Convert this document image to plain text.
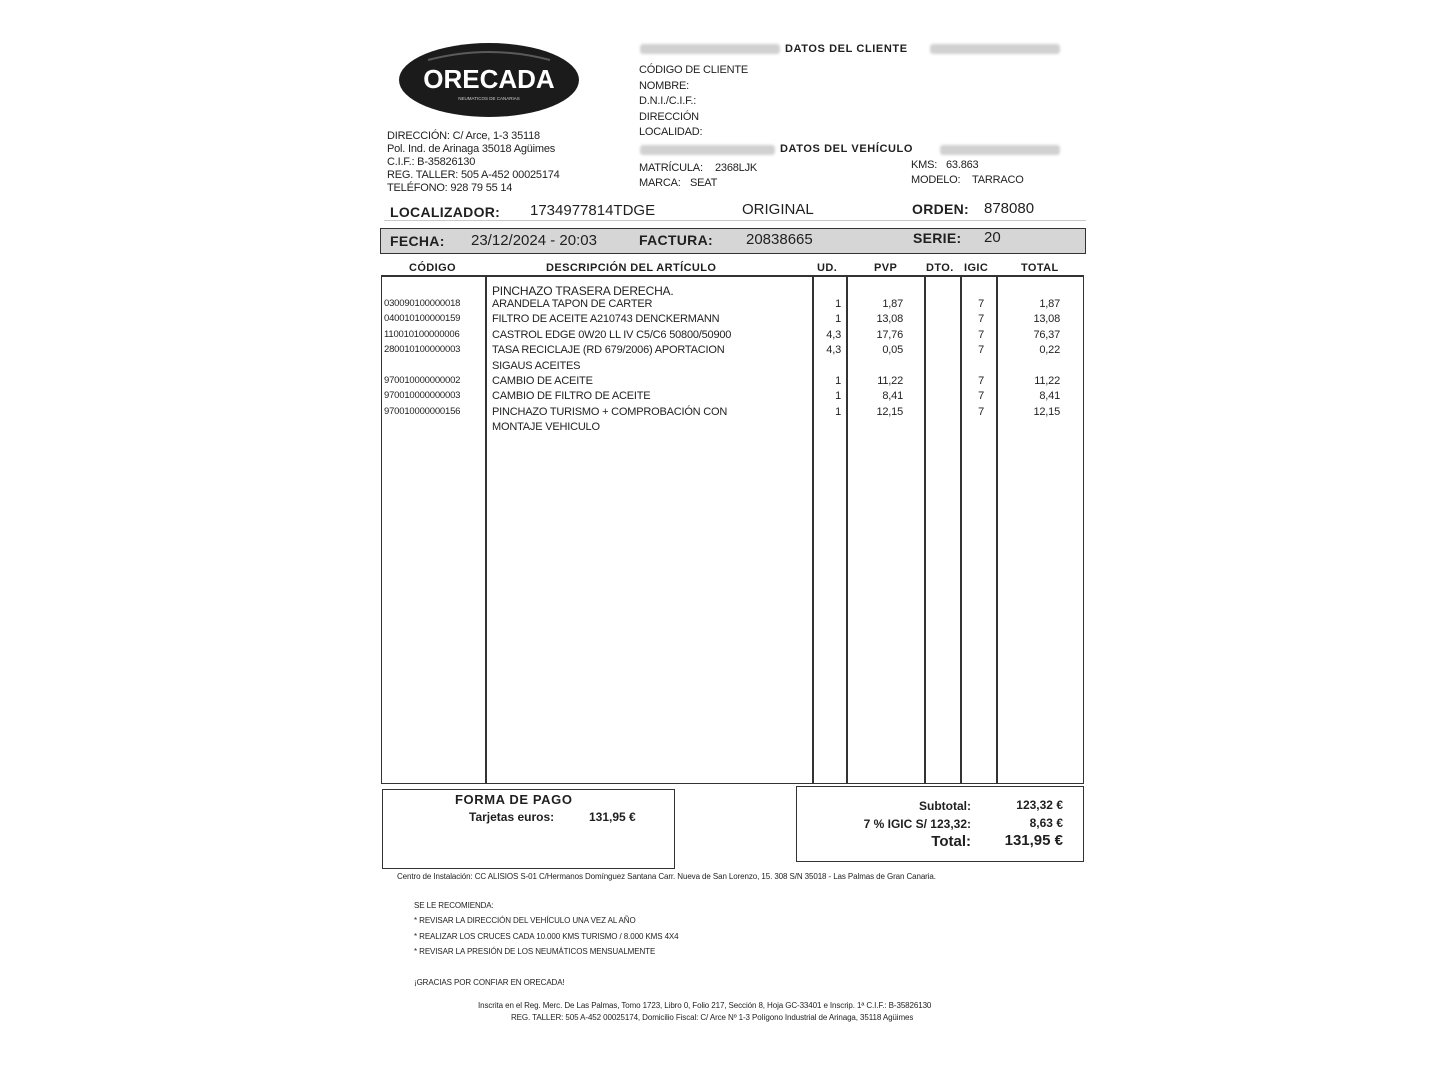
ORECADA
NEUMATICOS DE CANARIAS
DIRECCIÓN: C/ Arce, 1-3 35118
Pol. Ind. de Arinaga 35018 Agüimes
C.I.F.: B-35826130
REG. TALLER: 505 A-452 00025174
TELÉFONO: 928 79 55 14
DATOS DEL CLIENTE
CÓDIGO DE CLIENTE
NOMBRE:
D.N.I./C.I.F.:
DIRECCIÓN
LOCALIDAD:
DATOS DEL VEHÍCULO
MATRÍCULA: 2368LJK
MARCA: SEAT
KMS: 63.863
MODELO: TARRACO
LOCALIZADOR: 1734977814TDGE	ORIGINAL	ORDEN: 878080
FECHA: 23/12/2024 - 20:03	FACTURA: 20838665	SERIE: 20
CÓDIGO	DESCRIPCIÓN DEL ARTÍCULO	UD.	PVP	DTO. IGIC	TOTAL
PINCHAZO TRASERA DERECHA.
030090100000018	ARANDELA TAPON DE CARTER	1	1,87	7	1,87
040010100000159	FILTRO DE ACEITE A210743 DENCKERMANN	1	13,08	7	13,08
110010100000006	CASTROL EDGE 0W20 LL IV C5/C6 50800/50900	4,3	17,76	7	76,37
280010100000003	TASA RECICLAJE (RD 679/2006) APORTACION	4,3	0,05	7	0,22
SIGAUS ACEITES
970010000000002	CAMBIO DE ACEITE	1	11,22	7	11,22
970010000000003	CAMBIO DE FILTRO DE ACEITE	1	8,41	7	8,41
970010000000156	PINCHAZO TURISMO + COMPROBACIÓN CON	1	12,15	7	12,15
MONTAJE VEHICULO
FORMA DE PAGO
Tarjetas euros:	131,95 €
Subtotal:	123,32 €
7 % IGIC S/ 123,32:	8,63 €
Total: 131,95 €
Centro de Instalación: CC ALISIOS S-01 C/Hermanos Domínguez Santana Carr. Nueva de San Lorenzo, 15. 308 S/N 35018 - Las Palmas de Gran Canaria.
SE LE RECOMIENDA:
* REVISAR LA DIRECCIÓN DEL VEHÍCULO UNA VEZ AL AÑO
* REALIZAR LOS CRUCES CADA 10.000 KMS TURISMO / 8.000 KMS 4X4
* REVISAR LA PRESIÓN DE LOS NEUMÁTICOS MENSUALMENTE
¡GRACIAS POR CONFIAR EN ORECADA!
Inscrita en el Reg. Merc. De Las Palmas, Tomo 1723, Libro 0, Folio 217, Sección 8, Hoja GC-33401 e Inscrip. 1ª C.I.F.: B-35826130
REG. TALLER: 505 A-452 00025174, Domicilio Fiscal: C/ Arce Nº 1-3 Polígono Industrial de Arinaga, 35118 Agüimes
